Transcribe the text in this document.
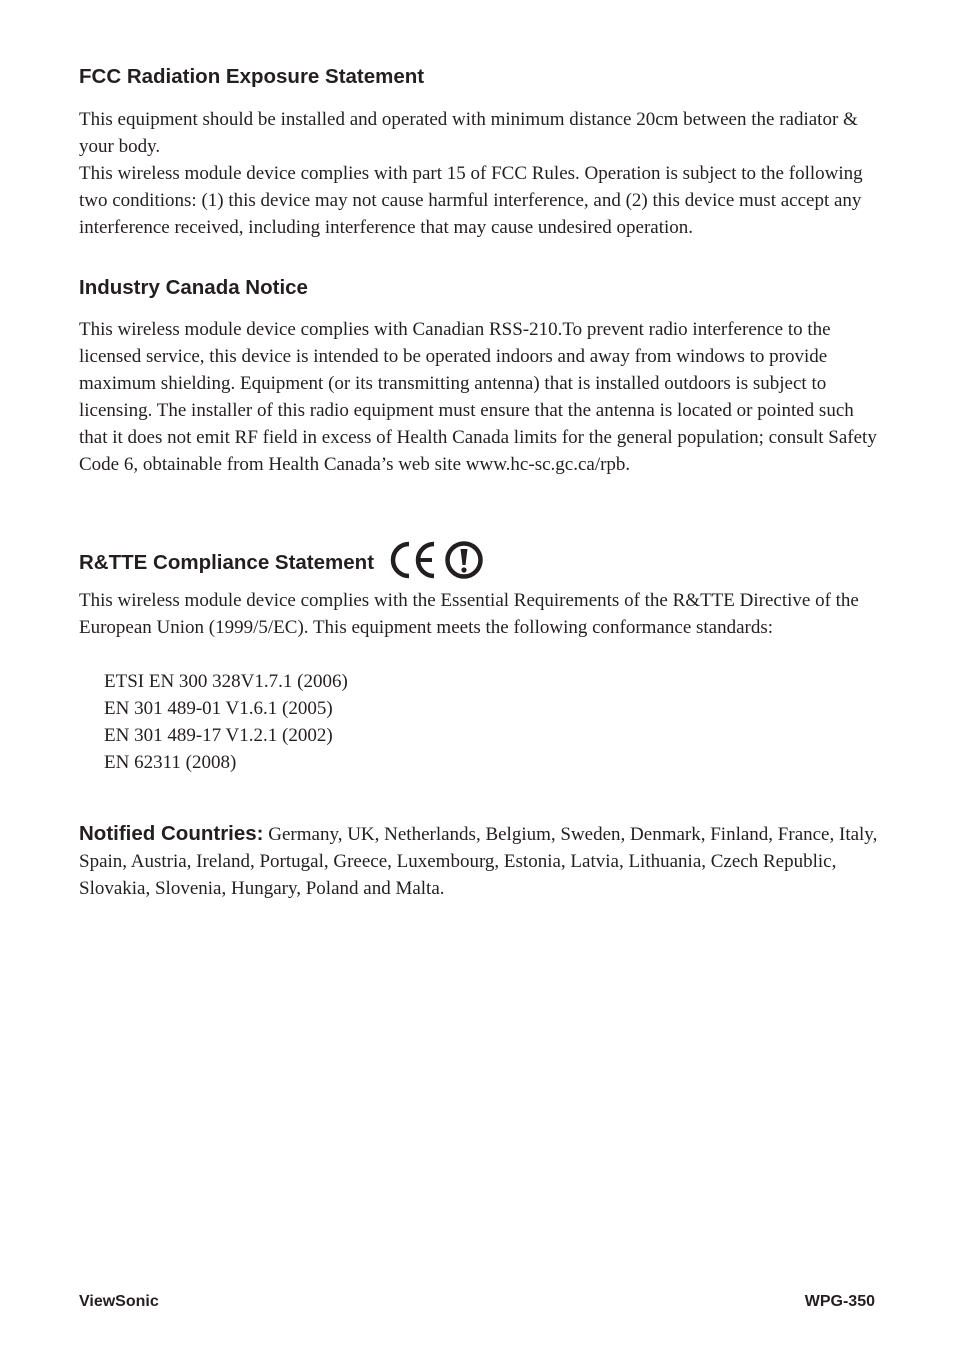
FCC Radiation Exposure Statement

This equipment should be installed and operated with minimum distance 20cm between the radiator & your body.

This wireless module device complies with part 15 of FCC Rules. Operation is subject to the following two conditions: (1) this device may not cause harmful interference, and (2) this device must accept any interference received, including interference that may cause undesired operation.

Industry Canada Notice

This wireless module device complies with Canadian RSS-210.To prevent radio interference to the licensed service, this device is intended to be operated indoors and away from windows to provide maximum shielding. Equipment (or its transmitting antenna) that is installed outdoors is subject to licensing. The installer of this radio equipment must ensure that the antenna is located or pointed such that it does not emit RF field in excess of Health Canada limits for the general population; consult Safety Code 6, obtainable from Health Canada’s web site www.hc-sc.gc.ca/rpb.

R&TTE Compliance Statement

This wireless module device complies with the Essential Requirements of the R&TTE Directive of the European Union (1999/5/EC). This equipment meets the following conformance standards:

ETSI EN 300 328V1.7.1 (2006)
EN 301 489-01 V1.6.1 (2005)
EN 301 489-17 V1.2.1 (2002)
EN 62311 (2008)

Notified Countries: Germany, UK, Netherlands, Belgium, Sweden, Denmark, Finland, France, Italy, Spain, Austria, Ireland, Portugal, Greece, Luxembourg, Estonia, Latvia, Lithuania, Czech Republic, Slovakia, Slovenia, Hungary, Poland and Malta.

ViewSonic	WPG-350
